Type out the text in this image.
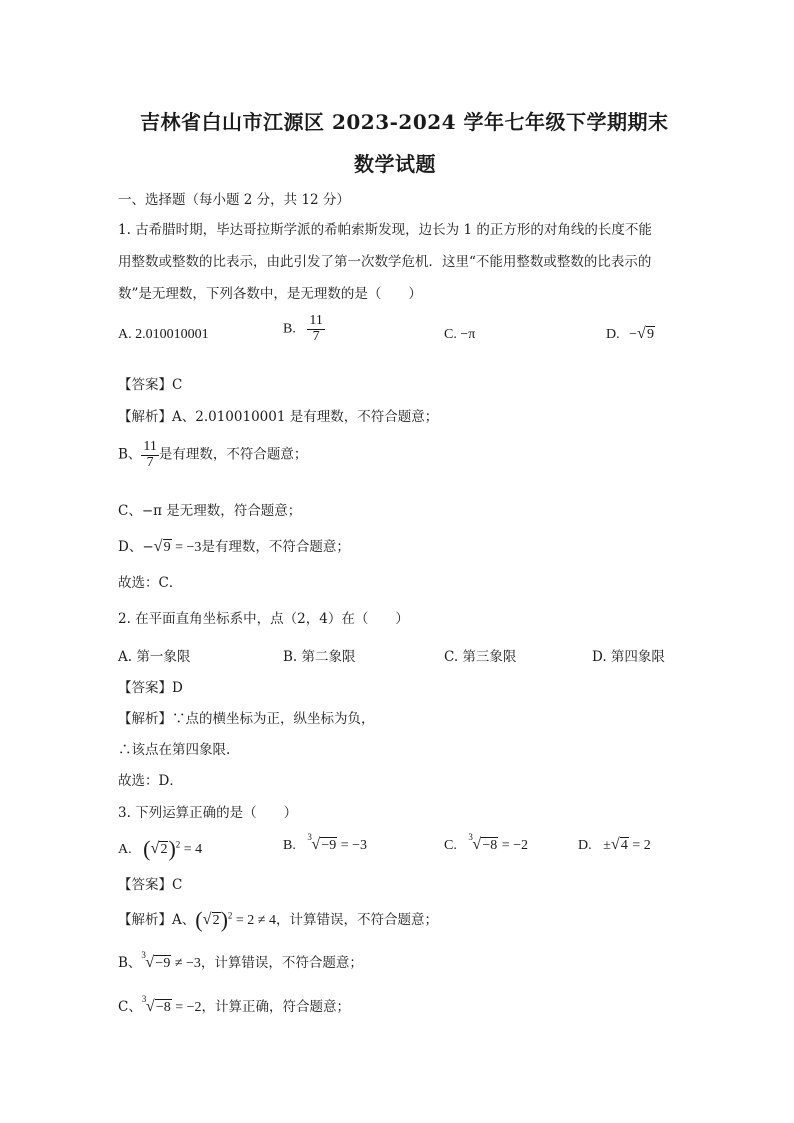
吉林省白山市江源区 2023-2024 学年七年级下学期期末
数学试题
一、选择题（每小题 2 分，共 12 分）
1. 古希腊时期，毕达哥拉斯学派的希帕索斯发现，边长为 1 的正方形的对角线的长度不能
用整数或整数的比表示，由此引发了第一次数学危机．这里“不能用整数或整数的比表示的
数”是无理数，下列各数中，是无理数的是（　　）
A. 2.010010001	B. $\frac{11}{7}$	C. −π	D. − √ 9
【答案】C
【解析】A、2.010010001 是有理数，不符合题意；
B、 $\frac{11}{7}$ 是有理数，不符合题意；
C、−π 是无理数，符合题意；
D、− √ 9 = −3是有理数，不符合题意；
故选：C．
2. 在平面直角坐标系中，点（2，4）在（　　）
A. 第一象限	B. 第二象限	C. 第三象限	D. 第四象限
【答案】D
【解析】∵点的横坐标为正，纵坐标为负，
∴该点在第四象限.
故选：D．
3. 下列运算正确的是（　　）
A. ( √ 2)$^2$ = 4	B.
3 √ −9 = −3	C.
3 √ −8 = −2	D. ± √ 4 = 2
【答案】C
【解析】A、( √ 2)$^2$ = 2 ≠ 4，计算错误，不符合题意；
B、 3 √ −9 ≠ −3，计算错误，不符合题意；
C、 3 √ −8 = −2，计算正确，符合题意；
